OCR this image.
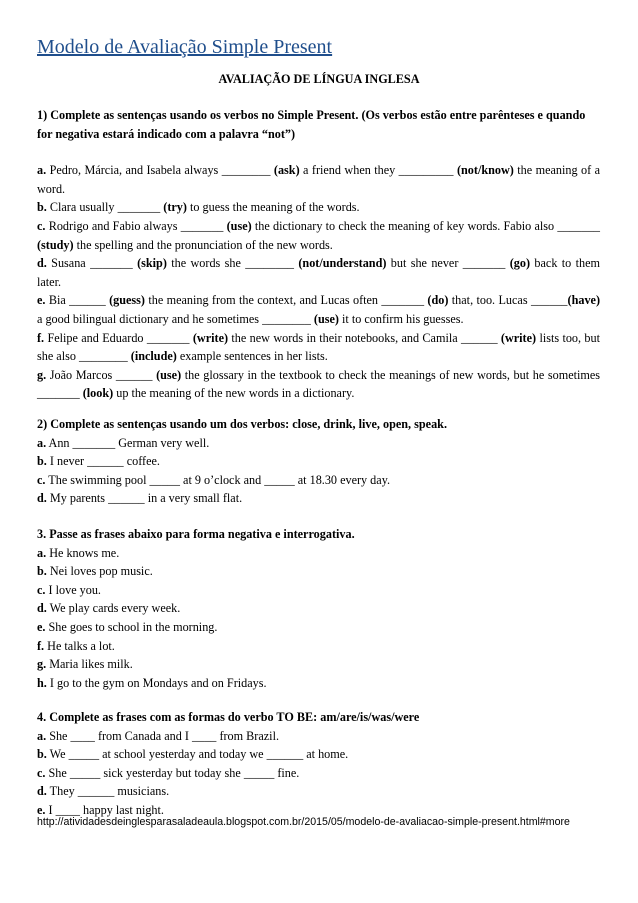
Modelo de Avaliação Simple Present
AVALIAÇÃO DE LÍNGUA INGLESA
1) Complete as sentenças usando os verbos no Simple Present. (Os verbos estão entre parênteses e quando for negativa estará indicado com a palavra “not”)
a. Pedro, Márcia, and Isabela always ________ (ask) a friend when they _________ (not/know) the meaning of a word.
b. Clara usually _______ (try) to guess the meaning of the words.
c. Rodrigo and Fabio always _______ (use) the dictionary to check the meaning of key words. Fabio also _______ (study) the spelling and the pronunciation of the new words.
d. Susana _______ (skip) the words she ________ (not/understand) but she never _______ (go) back to them later.
e. Bia ______ (guess) the meaning from the context, and Lucas often _______ (do) that, too. Lucas ______(have) a good bilingual dictionary and he sometimes ________ (use) it to confirm his guesses.
f. Felipe and Eduardo _______ (write) the new words in their notebooks, and Camila ______ (write) lists too, but she also ________ (include) example sentences in her lists.
g. João Marcos ______ (use) the glossary in the textbook to check the meanings of new words, but he sometimes _______ (look) up the meaning of the new words in a dictionary.
2) Complete as sentenças usando um dos verbos: close, drink, live, open, speak.
a. Ann _______ German very well.
b. I never ______ coffee.
c. The swimming pool _____ at 9 o’clock and _____ at 18.30 every day.
d. My parents ______ in a very small flat.
3. Passe as frases abaixo para forma negativa e interrogativa.
a. He knows me.
b. Nei loves pop music.
c. I love you.
d. We play cards every week.
e. She goes to school in the morning.
f. He talks a lot.
g. Maria likes milk.
h. I go to the gym on Mondays and on Fridays.
4. Complete as frases com as formas do verbo TO BE: am/are/is/was/were
a. She ____ from Canada and I ____ from Brazil.
b. We _____ at school yesterday and today we ______ at home.
c. She _____ sick yesterday but today she _____ fine.
d. They ______ musicians.
e. I ____ happy last night.
http://atividadesdeinglesparasaladeaula.blogspot.com.br/2015/05/modelo-de-avaliacao-simple-present.html#more
